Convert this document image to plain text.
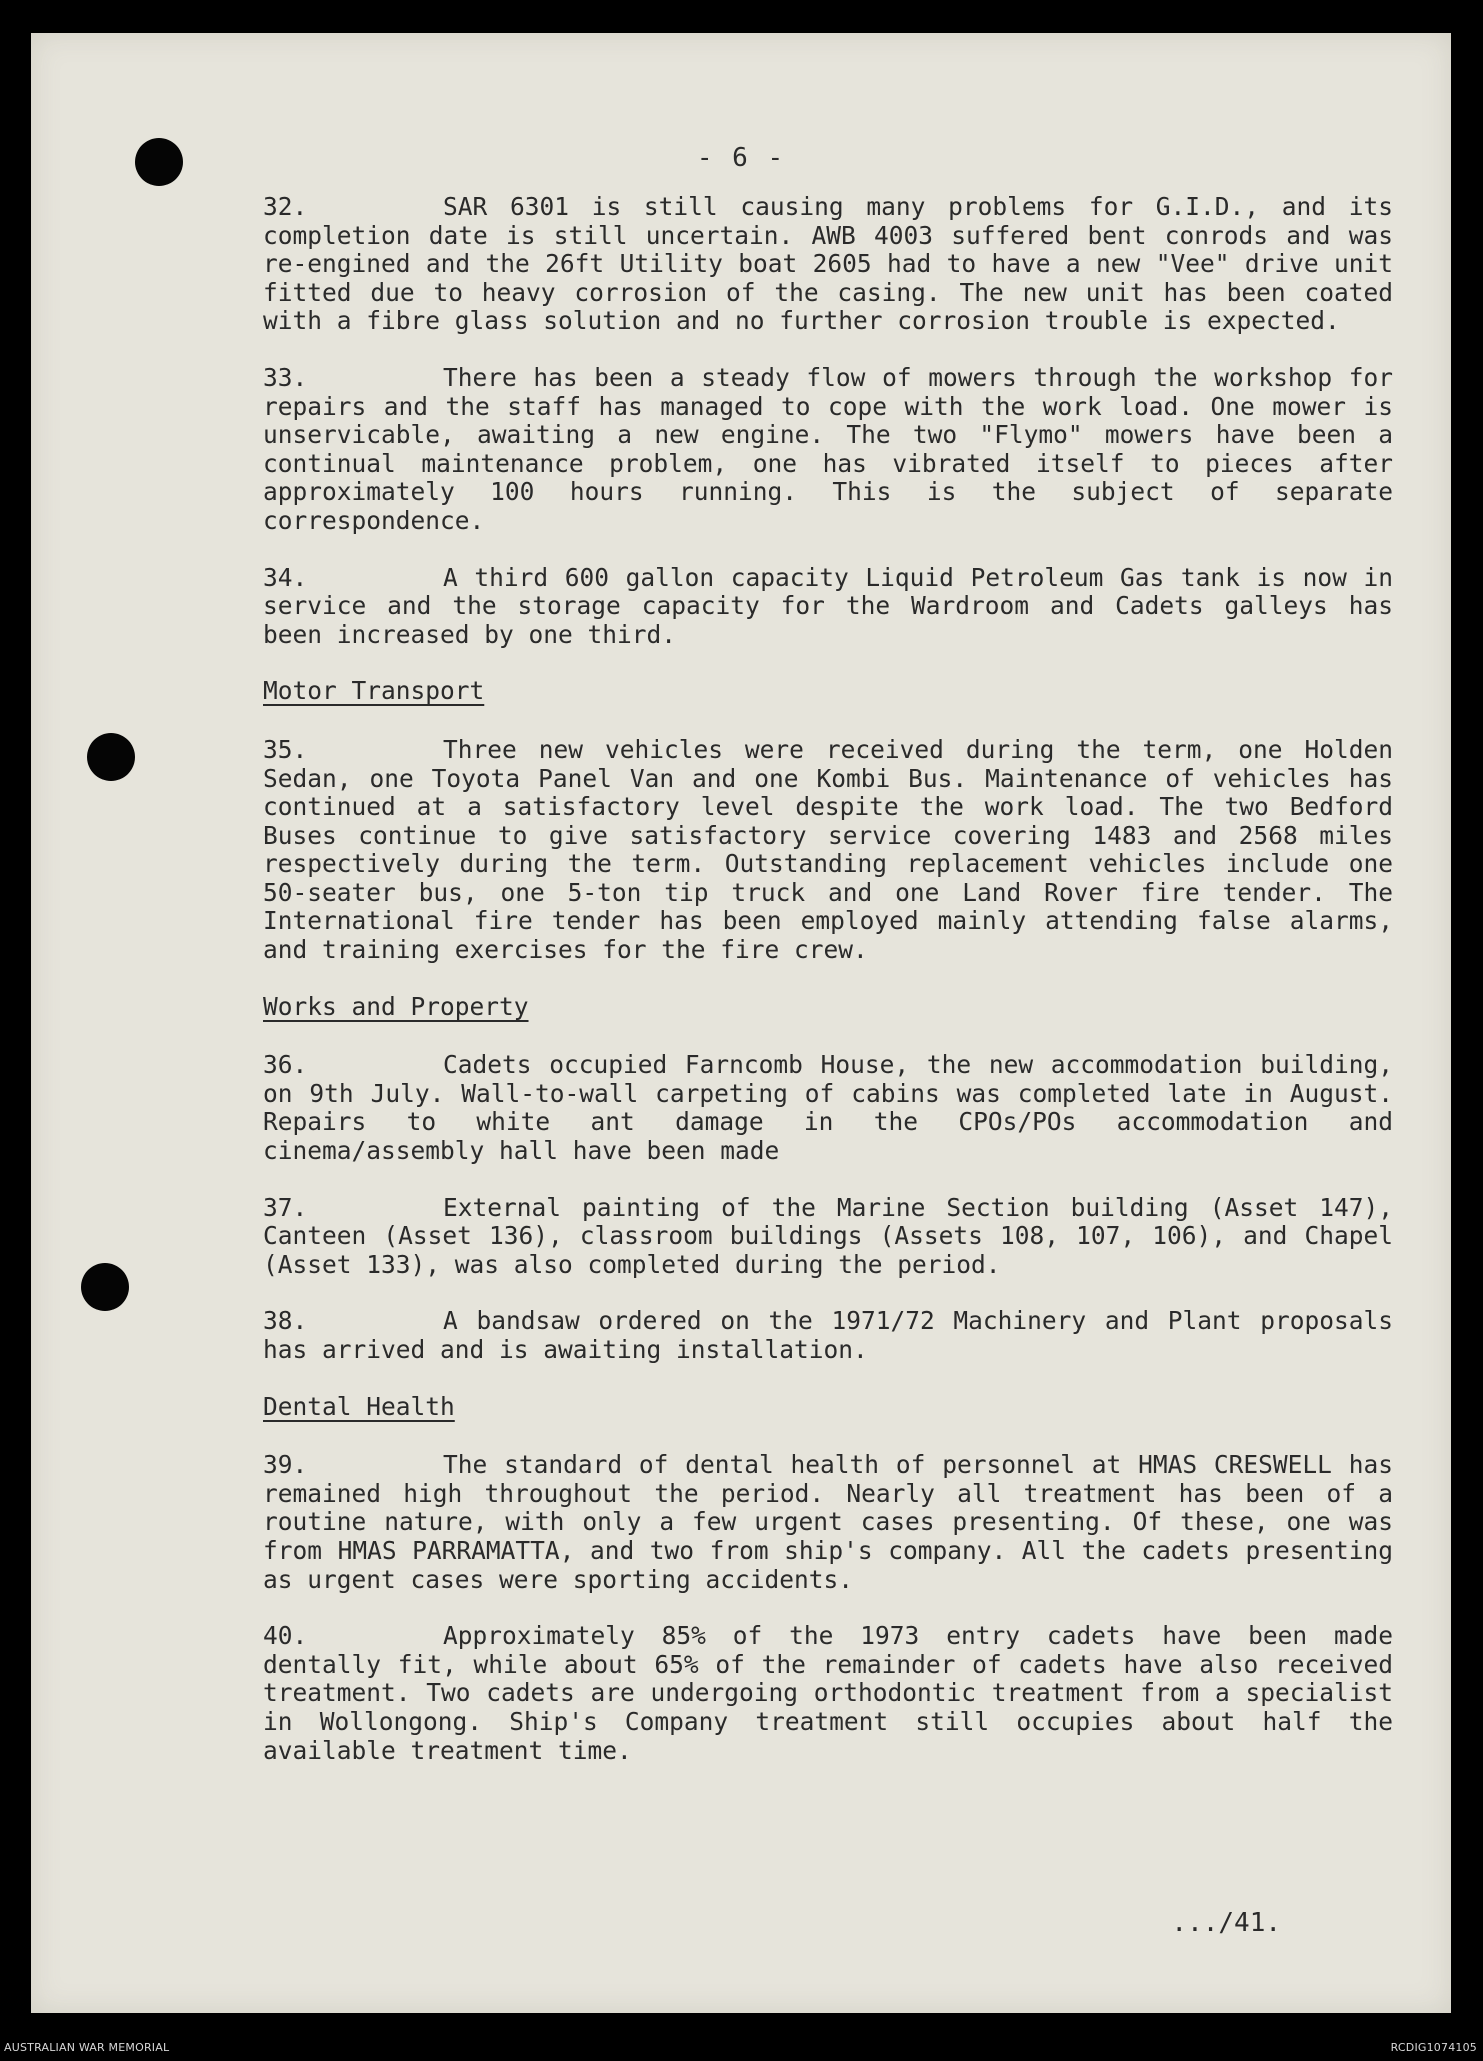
- 6 -

32.	SAR 6301 is still causing many problems for G.I.D., and its completion date is still uncertain. AWB 4003 suffered bent conrods and was re-engined and the 26ft Utility boat 2605 had to have a new "Vee" drive unit fitted due to heavy corrosion of the casing. The new unit has been coated with a fibre glass solution and no further corrosion trouble is expected.

33.	There has been a steady flow of mowers through the workshop for repairs and the staff has managed to cope with the work load. One mower is unservicable, awaiting a new engine. The two "Flymo" mowers have been a continual maintenance problem, one has vibrated itself to pieces after approximately 100 hours running. This is the subject of separate correspondence.

34.	A third 600 gallon capacity Liquid Petroleum Gas tank is now in service and the storage capacity for the Wardroom and Cadets galleys has been increased by one third.

Motor Transport

35.	Three new vehicles were received during the term, one Holden Sedan, one Toyota Panel Van and one Kombi Bus. Maintenance of vehicles has continued at a satisfactory level despite the work load. The two Bedford Buses continue to give satisfactory service covering 1483 and 2568 miles respectively during the term. Outstanding replacement vehicles include one 50-seater bus, one 5-ton tip truck and one Land Rover fire tender. The International fire tender has been employed mainly attending false alarms, and training exercises for the fire crew.

Works and Property

36.	Cadets occupied Farncomb House, the new accommodation building, on 9th July. Wall-to-wall carpeting of cabins was completed late in August. Repairs to white ant damage in the CPOs/POs accommodation and cinema/assembly hall have been made

37.	External painting of the Marine Section building (Asset 147), Canteen (Asset 136), classroom buildings (Assets 108, 107, 106), and Chapel (Asset 133), was also completed during the period.

38.	A bandsaw ordered on the 1971/72 Machinery and Plant proposals has arrived and is awaiting installation.

Dental Health

39.	The standard of dental health of personnel at HMAS CRESWELL has remained high throughout the period. Nearly all treatment has been of a routine nature, with only a few urgent cases presenting. Of these, one was from HMAS PARRAMATTA, and two from ship's company. All the cadets presenting as urgent cases were sporting accidents.

40.	Approximately 85% of the 1973 entry cadets have been made dentally fit, while about 65% of the remainder of cadets have also received treatment. Two cadets are undergoing orthodontic treatment from a specialist in Wollongong. Ship's Company treatment still occupies about half the available treatment time.

.../41.
AUSTRALIAN WAR MEMORIAL	RCDIG1074105
